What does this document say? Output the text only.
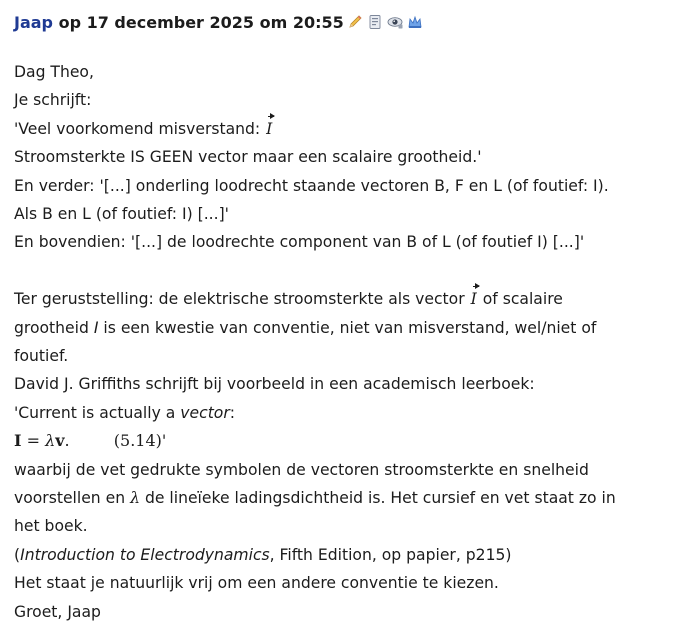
Jaap
op 17 december 2025 om 20:55
Dag Theo,
Je schrijft:
'Veel voorkomend misverstand: I
Stroomsterkte IS GEEN vector maar een scalaire grootheid.'
En verder: '[...] onderling loodrecht staande vectoren B, F en L (of foutief: I).
Als B en L (of foutief: I) [...]'
En bovendien: '[...] de loodrechte component van B of L (of foutief I) [...]'
Ter geruststelling: de elektrische stroomsterkte als vector I of scalaire
grootheid I is een kwestie van conventie, niet van misverstand, wel/niet of
foutief.
David J. Griffiths schrijft bij voorbeeld in een academisch leerboek:
'Current is actually a vector:
I = λv.	(5.14)'
waarbij de vet gedrukte symbolen de vectoren stroomsterkte en snelheid
voorstellen en λ de lineïeke ladingsdichtheid is. Het cursief en vet staat zo in
het boek.
(Introduction to Electrodynamics, Fifth Edition, op papier, p215)
Het staat je natuurlijk vrij om een andere conventie te kiezen.
Groet, Jaap
